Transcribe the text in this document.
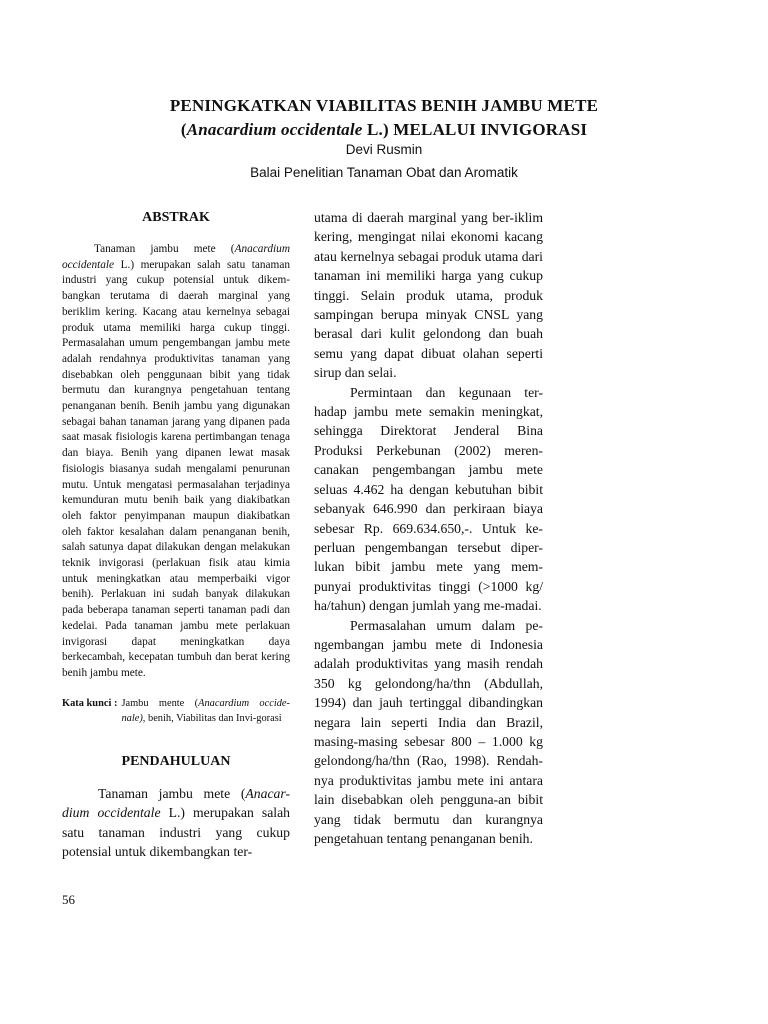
PENINGKATKAN VIABILITAS BENIH JAMBU METE
(Anacardium occidentale L.) MELALUI INVIGORASI
Devi Rusmin
Balai Penelitian Tanaman Obat dan Aromatik
ABSTRAK

Tanaman jambu mete (Anacardium occidentale L.) merupakan salah satu tanaman industri yang cukup potensial untuk dikem-bangkan terutama di daerah marginal yang beriklim kering. Kacang atau kernelnya sebagai produk utama memiliki harga cukup tinggi. Permasalahan umum pengembangan jambu mete adalah rendahnya produktivitas tanaman yang disebabkan oleh penggunaan bibit yang tidak bermutu dan kurangnya pengetahuan tentang penanganan benih. Benih jambu yang digunakan sebagai bahan tanaman jarang yang dipanen pada saat masak fisiologis karena pertimbangan tenaga dan biaya. Benih yang dipanen lewat masak fisiologis biasanya sudah mengalami penurunan mutu. Untuk mengatasi permasalahan terjadinya kemunduran mutu benih baik yang diakibatkan oleh faktor penyimpanan maupun diakibatkan oleh faktor kesalahan dalam penanganan benih, salah satunya dapat dilakukan dengan melakukan teknik invigorasi (perlakuan fisik atau kimia untuk meningkatkan atau memperbaiki vigor benih). Perlakuan ini sudah banyak dilakukan pada beberapa tanaman seperti tanaman padi dan kedelai. Pada tanaman jambu mete perlakuan invigorasi dapat meningkatkan daya berkecambah, kecepatan tumbuh dan berat kering benih jambu mete.

Kata kunci : Jambu mente (Anacardium occide-nale), benih, Viabilitas dan Invi-gorasi
PENDAHULUAN

Tanaman jambu mete (Anacar-dium occidentale L.) merupakan salah satu tanaman industri yang cukup potensial untuk dikembangkan ter-

utama di daerah marginal yang ber-iklim kering, mengingat nilai ekonomi kacang atau kernelnya sebagai produk utama dari tanaman ini memiliki harga yang cukup tinggi. Selain produk utama, produk sampingan berupa minyak CNSL yang berasal dari kulit gelondong dan buah semu yang dapat dibuat olahan seperti sirup dan selai.

Permintaan dan kegunaan ter-hadap jambu mete semakin meningkat, sehingga Direktorat Jenderal Bina Produksi Perkebunan (2002) meren-canakan pengembangan jambu mete seluas 4.462 ha dengan kebutuhan bibit sebanyak 646.990 dan perkiraan biaya sebesar Rp. 669.634.650,-. Untuk ke-perluan pengembangan tersebut diper-lukan bibit jambu mete yang mem-punyai produktivitas tinggi (>1000 kg/ ha/tahun) dengan jumlah yang me-madai.

Permasalahan umum dalam pe-ngembangan jambu mete di Indonesia adalah produktivitas yang masih rendah 350 kg gelondong/ha/thn (Abdullah, 1994) dan jauh tertinggal dibandingkan negara lain seperti India dan Brazil, masing-masing sebesar 800 – 1.000 kg gelondong/ha/thn (Rao, 1998). Rendah-nya produktivitas jambu mete ini antara lain disebabkan oleh pengguna-an bibit yang tidak bermutu dan kurangnya pengetahuan tentang penanganan benih.

56
